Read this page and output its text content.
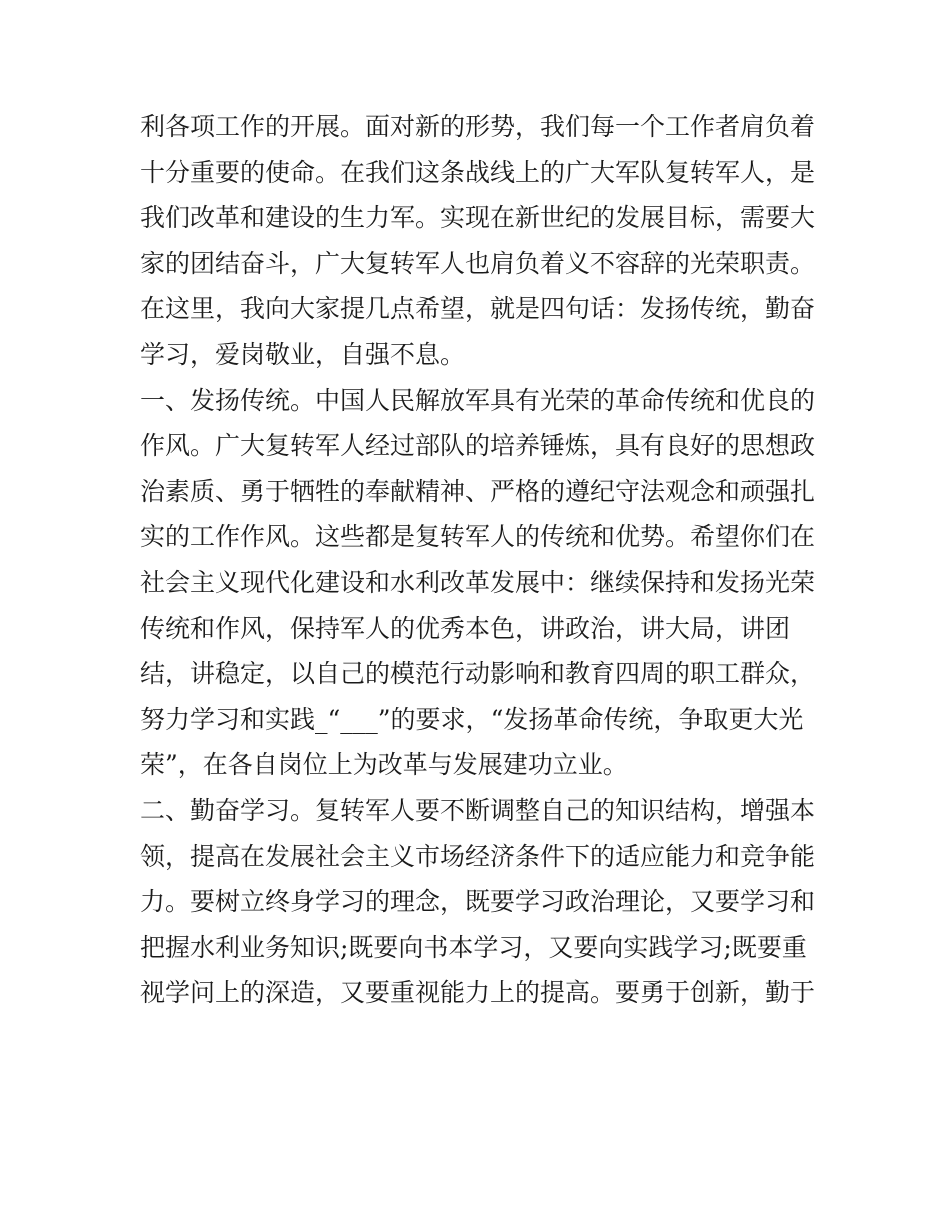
利各项工作的开展。面对新的形势，我们每一个工作者肩负着
十分重要的使命。在我们这条战线上的广大军队复转军人，是
我们改革和建设的生力军。实现在新世纪的发展目标，需要大
家的团结奋斗，广大复转军人也肩负着义不容辞的光荣职责。
在这里，我向大家提几点希望，就是四句话：发扬传统，勤奋
学习，爱岗敬业，自强不息。
一、发扬传统。中国人民解放军具有光荣的革命传统和优良的
作风。广大复转军人经过部队的培养锤炼，具有良好的思想政
治素质、勇于牺牲的奉献精神、严格的遵纪守法观念和顽强扎
实的工作作风。这些都是复转军人的传统和优势。希望你们在
社会主义现代化建设和水利改革发展中：继续保持和发扬光荣
传统和作风，保持军人的优秀本色，讲政治，讲大局，讲团
结，讲稳定，以自己的模范行动影响和教育四周的职工群众，
努力学习和实践_“___”的要求，“发扬革命传统，争取更大光
荣”，在各自岗位上为改革与发展建功立业。
二、勤奋学习。复转军人要不断调整自己的知识结构，增强本
领，提高在发展社会主义市场经济条件下的适应能力和竞争能
力。要树立终身学习的理念，既要学习政治理论，又要学习和
把握水利业务知识;既要向书本学习，又要向实践学习;既要重
视学问上的深造，又要重视能力上的提高。要勇于创新，勤于
